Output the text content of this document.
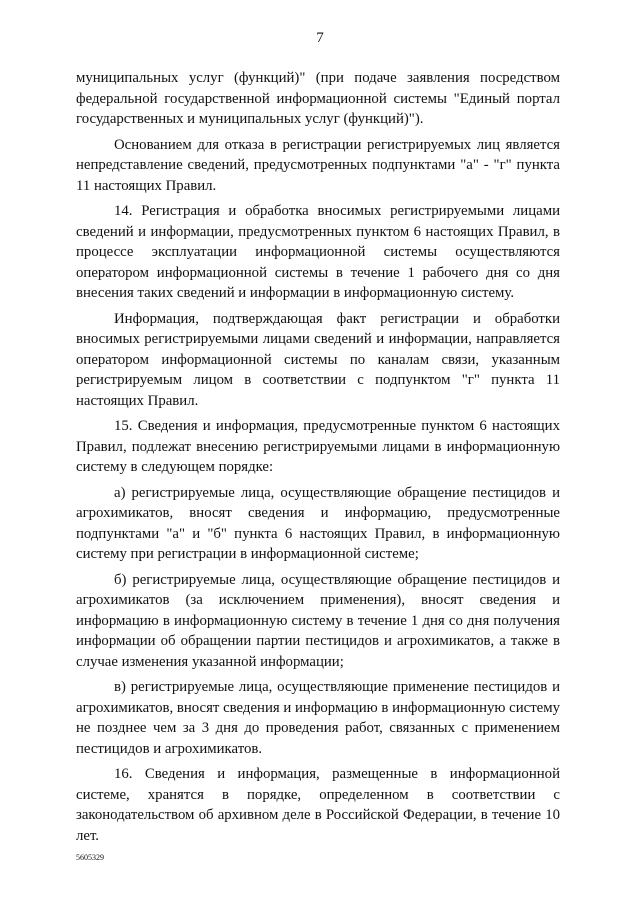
7

муниципальных услуг (функций)" (при подаче заявления посредством федеральной государственной информационной системы "Единый портал государственных и муниципальных услуг (функций)").

Основанием для отказа в регистрации регистрируемых лиц является непредставление сведений, предусмотренных подпунктами "а" - "г" пункта 11 настоящих Правил.

14. Регистрация и обработка вносимых регистрируемыми лицами сведений и информации, предусмотренных пунктом 6 настоящих Правил, в процессе эксплуатации информационной системы осуществляются оператором информационной системы в течение 1 рабочего дня со дня внесения таких сведений и информации в информационную систему.

Информация, подтверждающая факт регистрации и обработки вносимых регистрируемыми лицами сведений и информации, направляется оператором информационной системы по каналам связи, указанным регистрируемым лицом в соответствии с подпунктом "г" пункта 11 настоящих Правил.

15. Сведения и информация, предусмотренные пунктом 6 настоящих Правил, подлежат внесению регистрируемыми лицами в информационную систему в следующем порядке:

а) регистрируемые лица, осуществляющие обращение пестицидов и агрохимикатов, вносят сведения и информацию, предусмотренные подпунктами "а" и "б" пункта 6 настоящих Правил, в информационную систему при регистрации в информационной системе;

б) регистрируемые лица, осуществляющие обращение пестицидов и агрохимикатов (за исключением применения), вносят сведения и информацию в информационную систему в течение 1 дня со дня получения информации об обращении партии пестицидов и агрохимикатов, а также в случае изменения указанной информации;

в) регистрируемые лица, осуществляющие применение пестицидов и агрохимикатов, вносят сведения и информацию в информационную систему не позднее чем за 3 дня до проведения работ, связанных с применением пестицидов и агрохимикатов.

16. Сведения и информация, размещенные в информационной системе, хранятся в порядке, определенном в соответствии с законодательством об архивном деле в Российской Федерации, в течение 10 лет.

5605329
